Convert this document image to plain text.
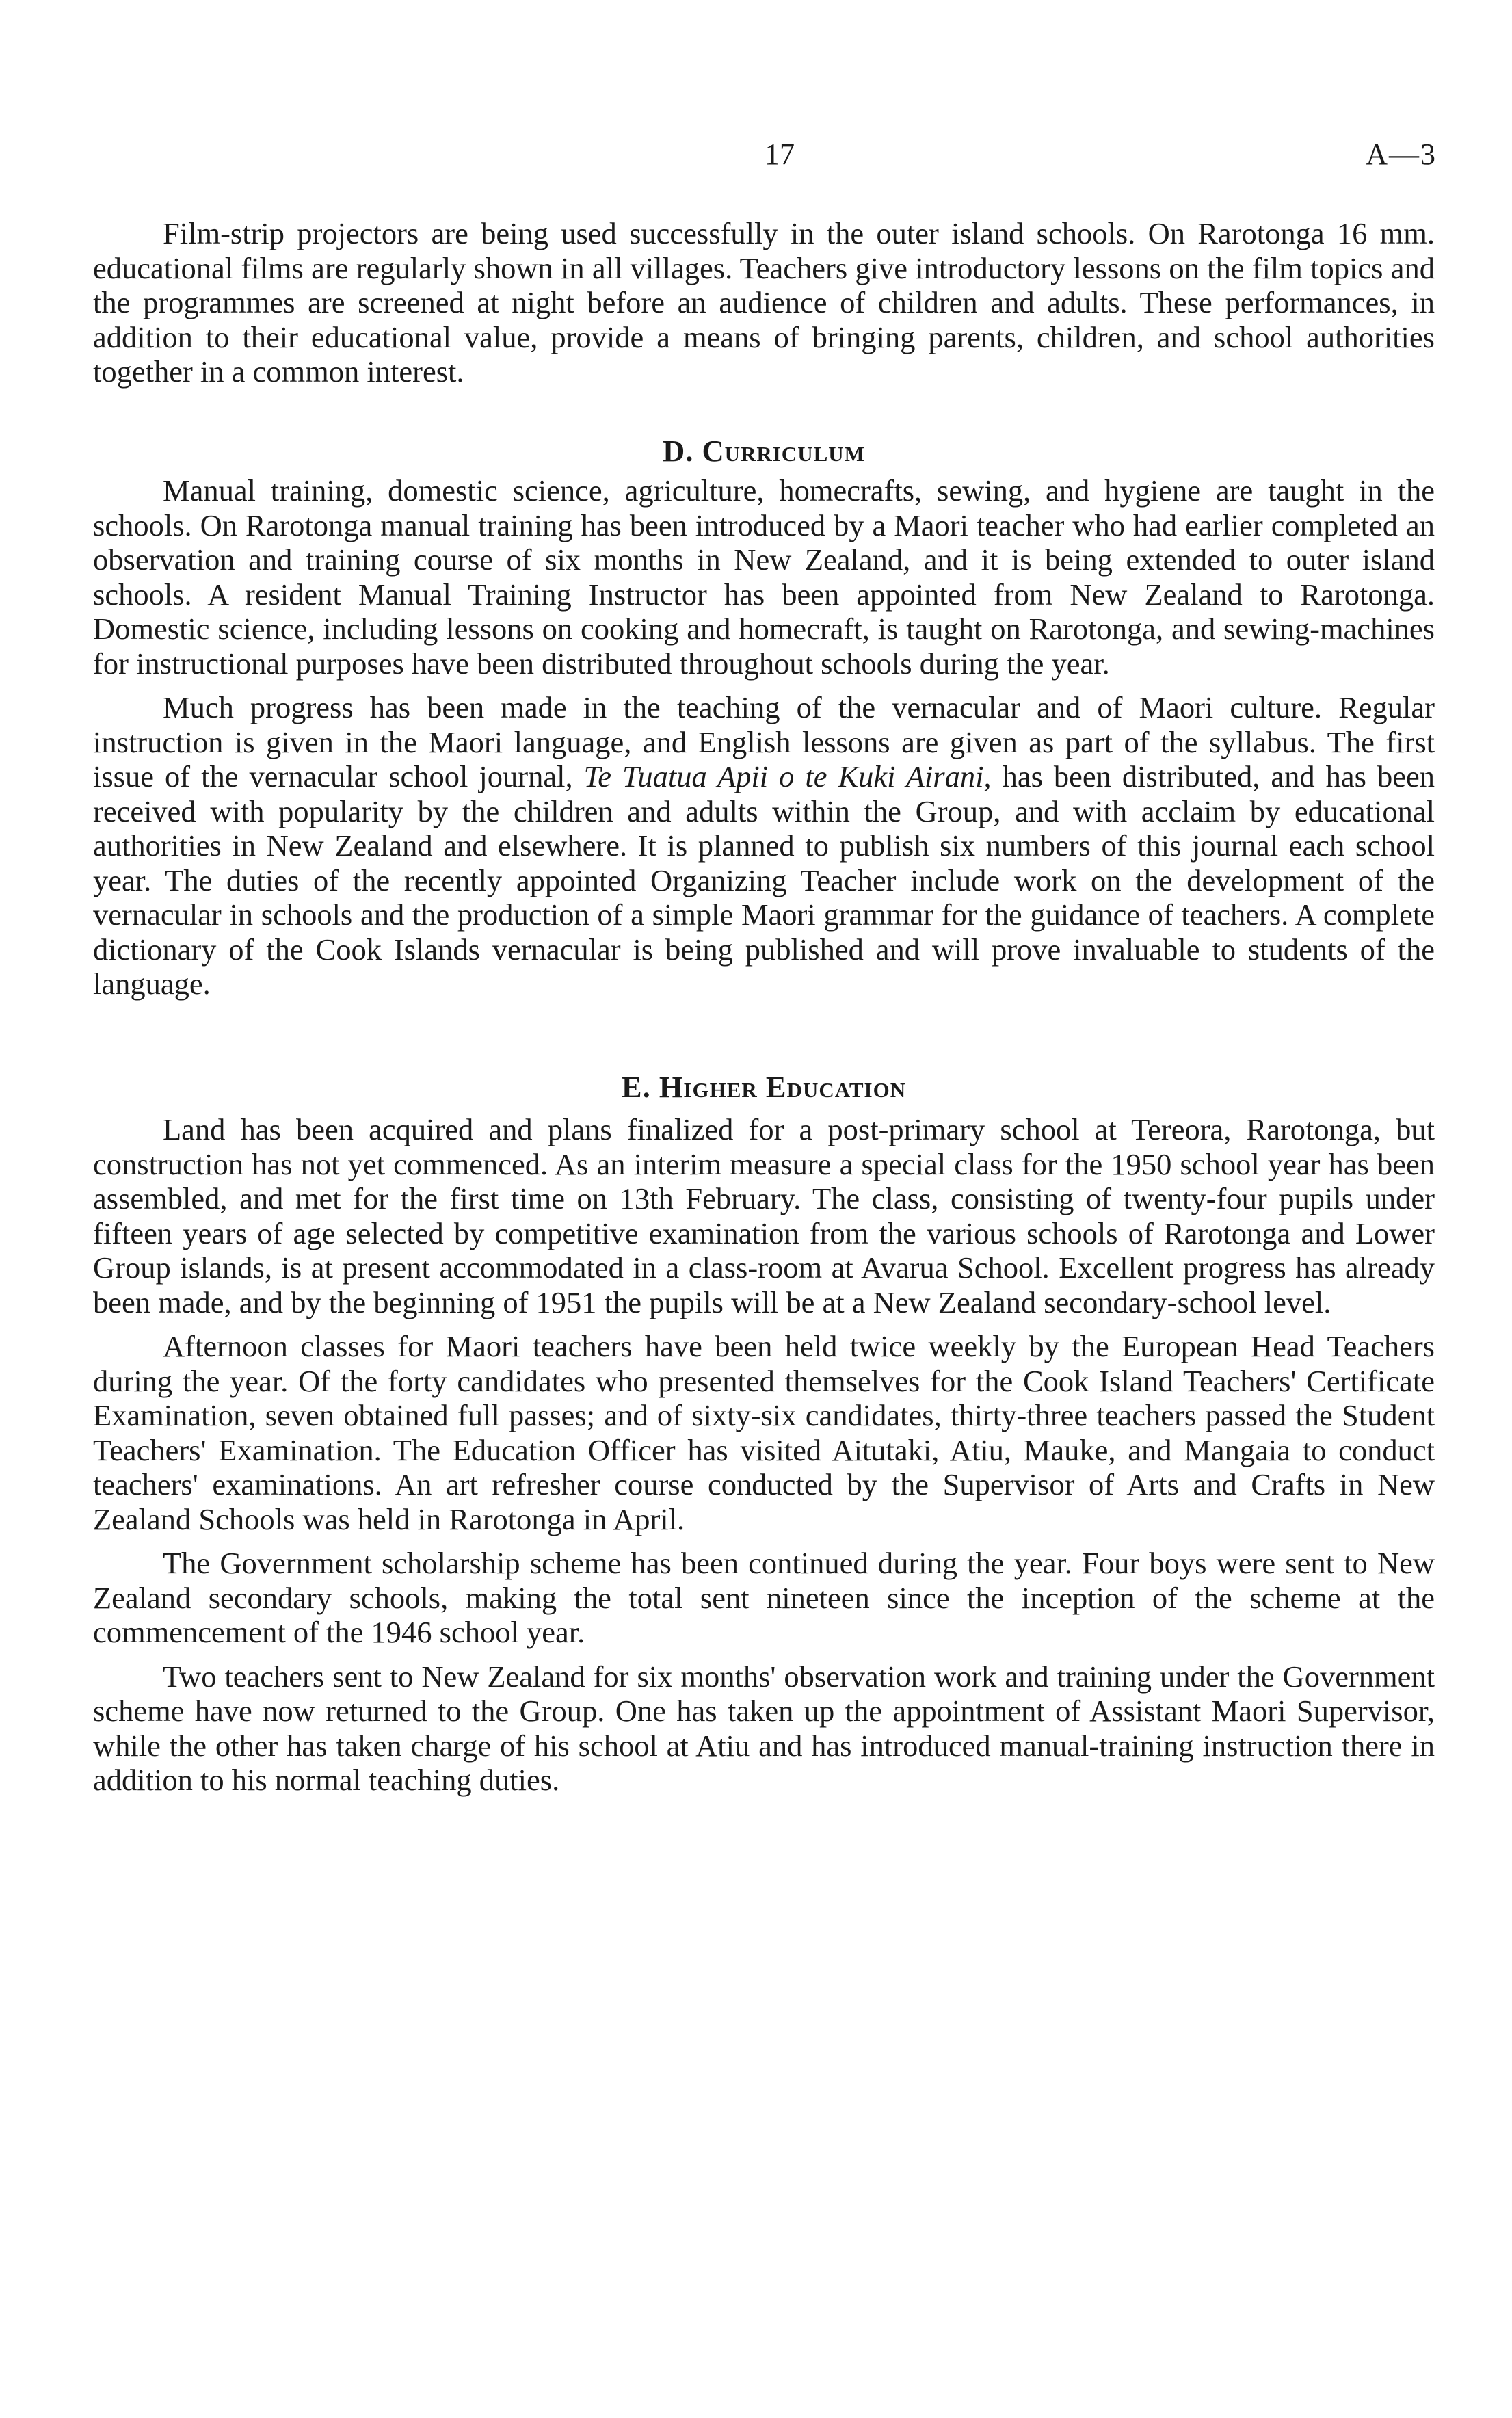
17	A—3

Film-strip projectors are being used successfully in the outer island schools. On Rarotonga 16 mm. educational films are regularly shown in all villages. Teachers give introductory lessons on the film topics and the programmes are screened at night before an audience of children and adults. These performances, in addition to their educational value, provide a means of bringing parents, children, and school authorities together in a common interest.

D. Curriculum

Manual training, domestic science, agriculture, homecrafts, sewing, and hygiene are taught in the schools. On Rarotonga manual training has been introduced by a Maori teacher who had earlier completed an observation and training course of six months in New Zealand, and it is being extended to outer island schools. A resident Manual Training Instructor has been appointed from New Zealand to Rarotonga. Domestic science, including lessons on cooking and homecraft, is taught on Rarotonga, and sewing-machines for instructional purposes have been distributed throughout schools during the year.

Much progress has been made in the teaching of the vernacular and of Maori culture. Regular instruction is given in the Maori language, and English lessons are given as part of the syllabus. The first issue of the vernacular school journal, Te Tuatua Apii o te Kuki Airani, has been distributed, and has been received with popularity by the children and adults within the Group, and with acclaim by educational authorities in New Zealand and elsewhere. It is planned to publish six numbers of this journal each school year. The duties of the recently appointed Organizing Teacher include work on the development of the vernacular in schools and the production of a simple Maori grammar for the guidance of teachers. A complete dictionary of the Cook Islands vernacular is being published and will prove invaluable to students of the language.

E. Higher Education

Land has been acquired and plans finalized for a post-primary school at Tereora, Rarotonga, but construction has not yet commenced. As an interim measure a special class for the 1950 school year has been assembled, and met for the first time on 13th February. The class, consisting of twenty-four pupils under fifteen years of age selected by competitive examination from the various schools of Rarotonga and Lower Group islands, is at present accommodated in a class-room at Avarua School. Excellent progress has already been made, and by the beginning of 1951 the pupils will be at a New Zealand secondary-school level.

Afternoon classes for Maori teachers have been held twice weekly by the European Head Teachers during the year. Of the forty candidates who presented themselves for the Cook Island Teachers' Certificate Examination, seven obtained full passes; and of sixty-six candidates, thirty-three teachers passed the Student Teachers' Examination. The Education Officer has visited Aitutaki, Atiu, Mauke, and Mangaia to conduct teachers' examinations. An art refresher course conducted by the Supervisor of Arts and Crafts in New Zealand Schools was held in Rarotonga in April.

The Government scholarship scheme has been continued during the year. Four boys were sent to New Zealand secondary schools, making the total sent nineteen since the inception of the scheme at the commencement of the 1946 school year.

Two teachers sent to New Zealand for six months' observation work and training under the Government scheme have now returned to the Group. One has taken up the appointment of Assistant Maori Supervisor, while the other has taken charge of his school at Atiu and has introduced manual-training instruction there in addition to his normal teaching duties.
